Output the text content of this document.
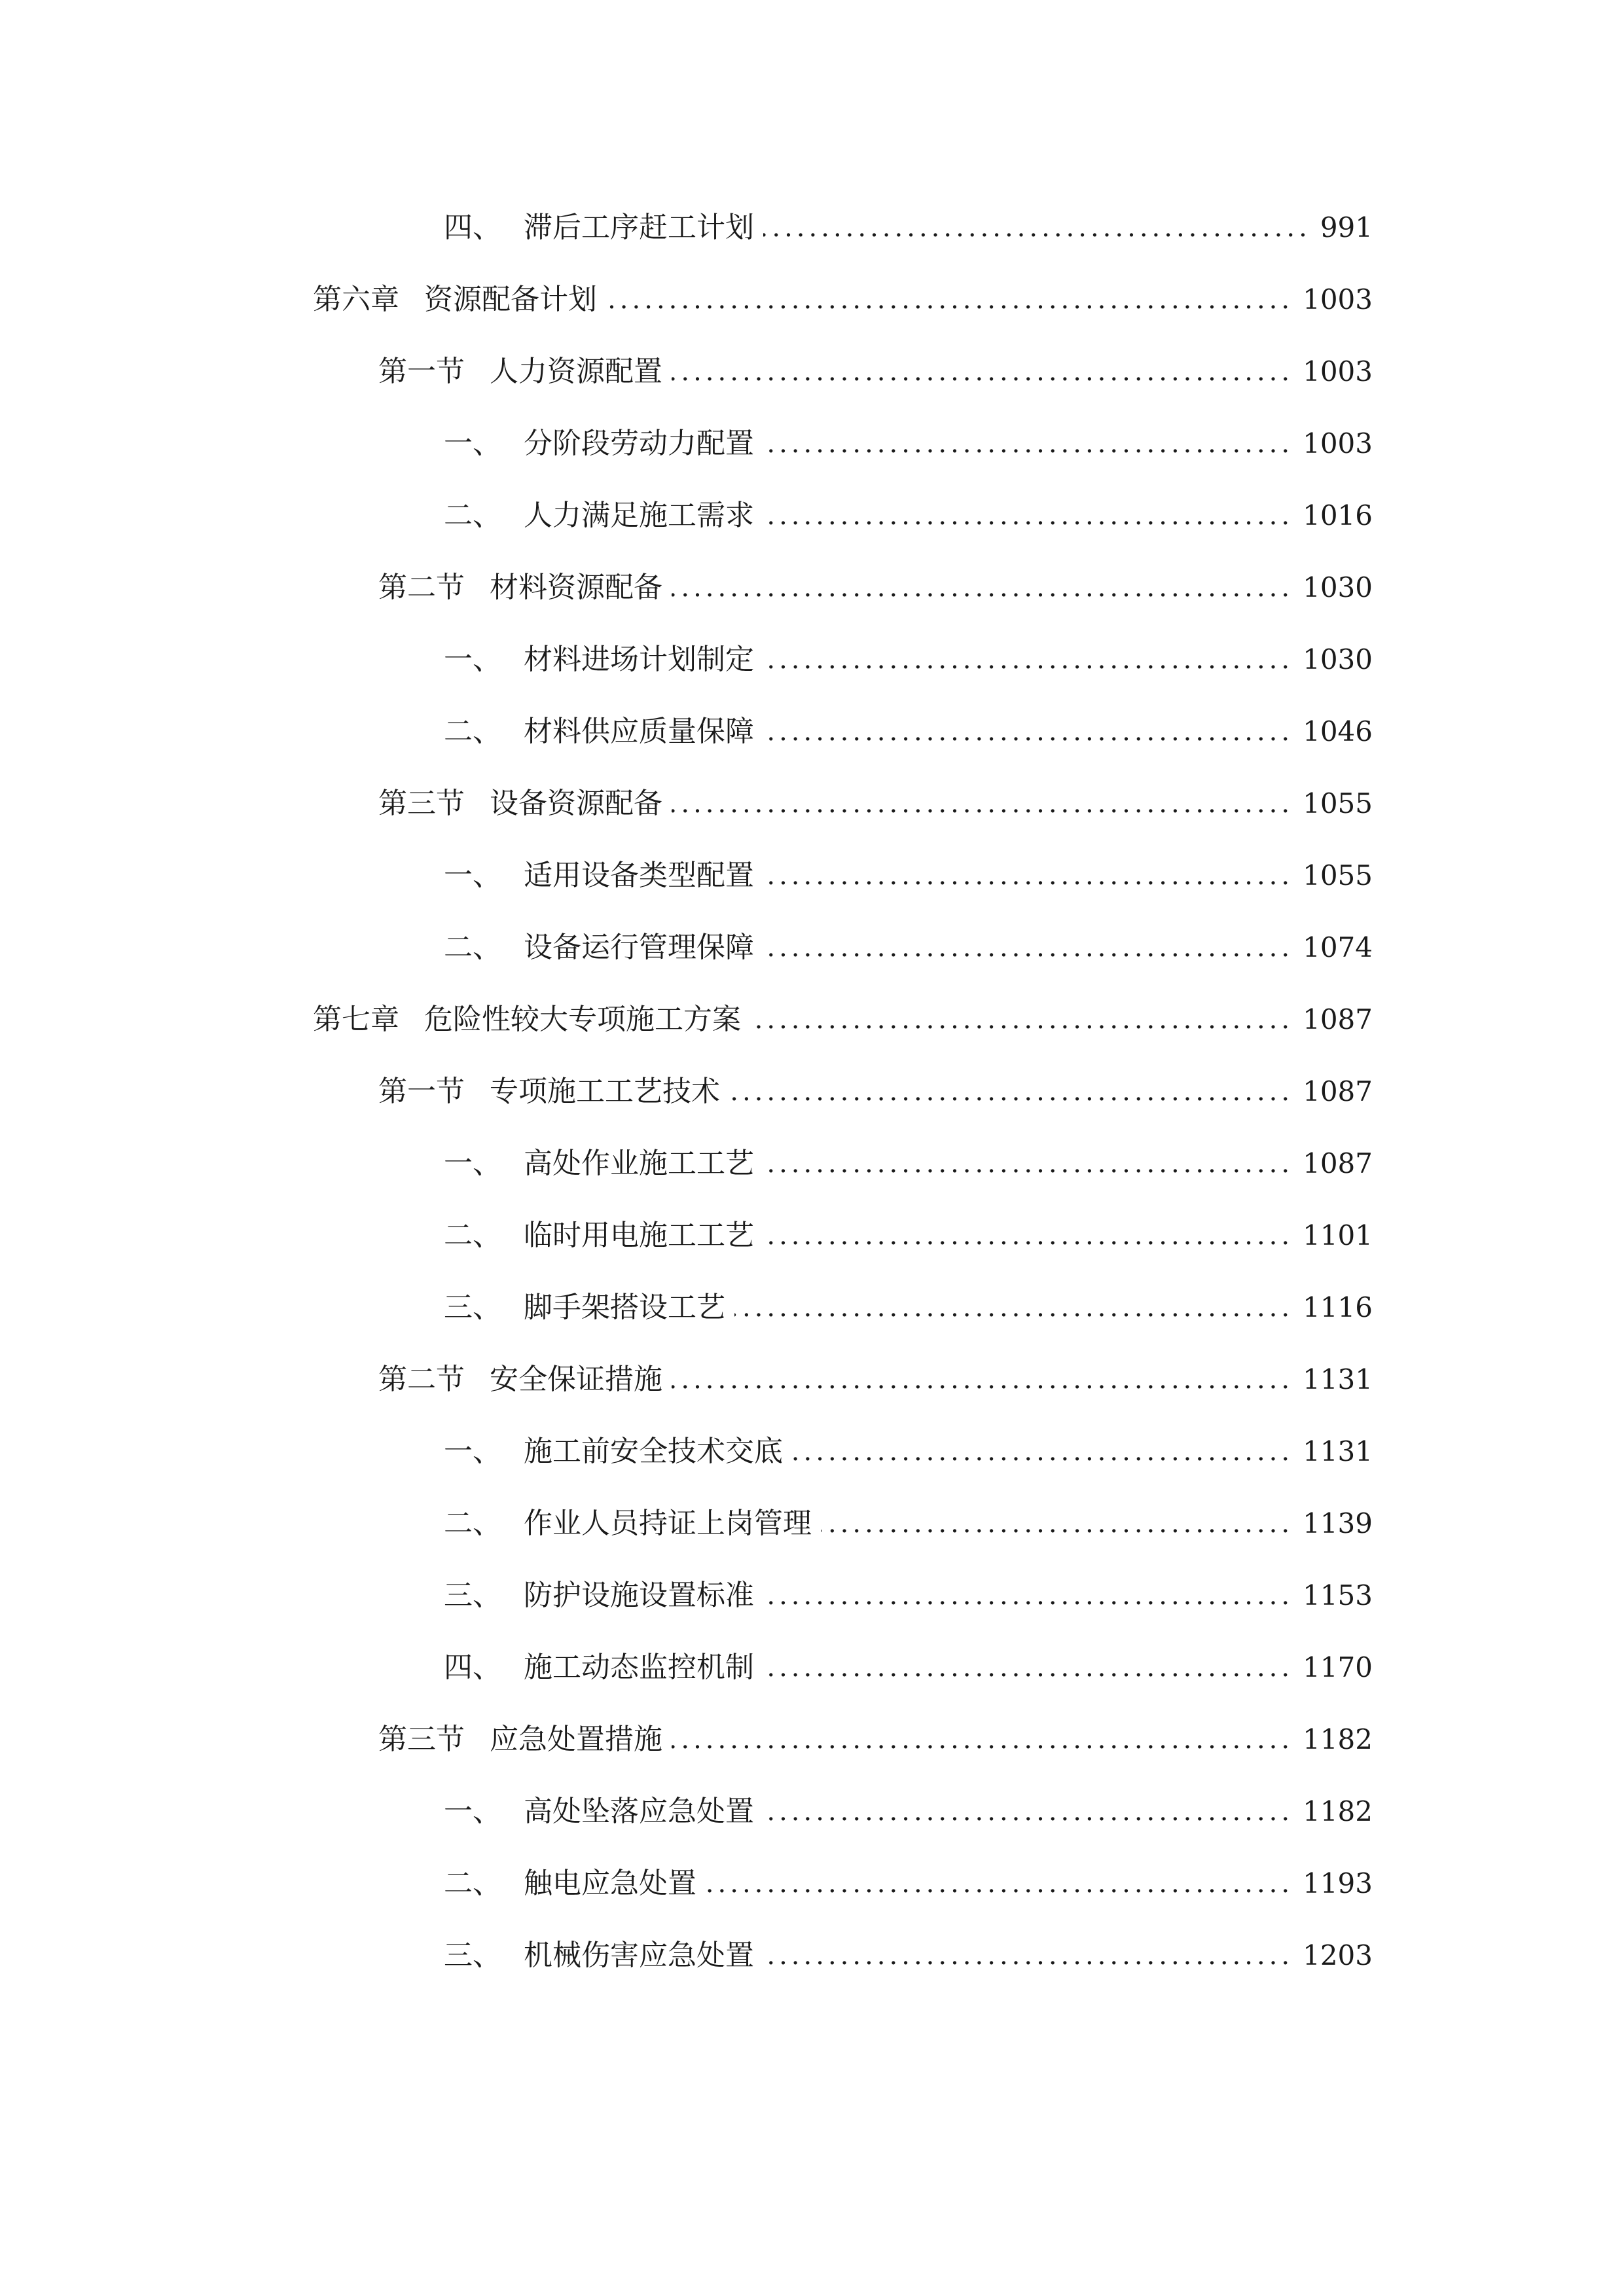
四、 滞后工序赶工计划 .....	991
第六章 资源配备计划 .....	1003
第一节 人力资源配置 .....	1003
一、 分阶段劳动力配置 .....	1003
二、 人力满足施工需求 .....	1016
第二节 材料资源配备 .....	1030
一、 材料进场计划制定 .....	1030
二、 材料供应质量保障 .....	1046
第三节 设备资源配备 .....	1055
一、 适用设备类型配置 .....	1055
二、 设备运行管理保障 .....	1074
第七章 危险性较大专项施工方案 .....	1087
第一节 专项施工工艺技术 .....	1087
一、 高处作业施工工艺 .....	1087
二、 临时用电施工工艺 .....	1101
三、 脚手架搭设工艺 .....	1116
第二节 安全保证措施 .....	1131
一、 施工前安全技术交底 .....	1131
二、 作业人员持证上岗管理 .....	1139
三、 防护设施设置标准 .....	1153
四、 施工动态监控机制 .....	1170
第三节 应急处置措施 .....	1182
一、 高处坠落应急处置 .....	1182
二、 触电应急处置 .....	1193
三、 机械伤害应急处置 .....	1203
